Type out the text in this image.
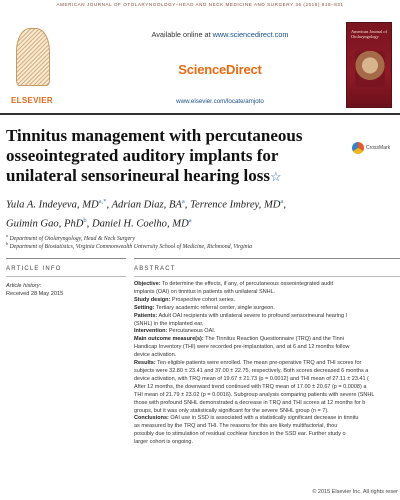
AMERICAN JOURNAL OF OTOLARYNGOLOGY–HEAD AND NECK MEDICINE AND SURGERY 36 (2015) 818–831
ELSEVIER
Available online at www.sciencedirect.com
ScienceDirect
www.elsevier.com/locate/amjoto
American Journal of Otolaryngology
Tinnitus management with percutaneous osseointegrated auditory implants for unilateral sensorineural hearing loss☆
CrossMark
Yula A. Indeyeva, $MD^{a,*}$, Adrian Diaz, $BA^a$, Terrence Imbrey, $MD^a$,
Guimin Gao, PhD$^b$, Daniel H. Coelho, $MD^a$
$^a$ Department of Otolaryngology, Head & Neck Surgery
$^b$ Department of Biostatistics, Virginia Commonwealth University School of Medicine, Richmond, Virginia
ARTICLE INFO	ABSTRACT
Article history:
Received 28 May 2015
Objective: To determine the effects, if any, of percutaneous osseointegrated audit
implants (OAI) on tinnitus in patients with unilateral SNHL.
Study design: Prospective cohort series.
Setting: Tertiary academic referral center, single surgeon.
Patients: Adult OAI recipients with unilateral severe to profound sensorineural hearing l
(SNHL) in the implanted ear.
Intervention: Percutaneous OAI.
Main outcome measure(s): The Tinnitus Reaction Questionnaire (TRQ) and the Tinni
Handicap Inventory (THI) were recorded pre-implantation, and at 6 and 12 months follow
device activation.
Results: Ten eligible patients were enrolled. The mean pre-operative TRQ and THI scores for
subjects were 32.80 ± 23.41 and 37.00 ± 22.75, respectively. Both scores decreased 6 months a
device activation, with TRQ mean of 19.67 ± 21.73 (p = 0.0012) and THI mean of 27.11 ± 23.41 (
After 12 months, the downward trend continued with TRQ mean of 17.00 ± 20.67 (p = 0.0008) a
THI mean of 21.79 ± 23.02 (p = 0.0016). Subgroup analysis comparing patients with severe (SNHL
those with profound SNHL demonstrated a decrease in TRQ and THI scores at 12 months for b
groups, but it was only statistically significant for the severe SNHL group (n = 7).
Conclusions: OAI use in SSD is associated with a statistically significant decrease in tinnitu
as measured by the TRQ and THI. The reasons for this are likely multifactorial, thou
possibly due to stimulation of residual cochlear function in the SSD ear. Further study o
larger cohort is ongoing.
© 2015 Elsevier Inc. All rights reser
